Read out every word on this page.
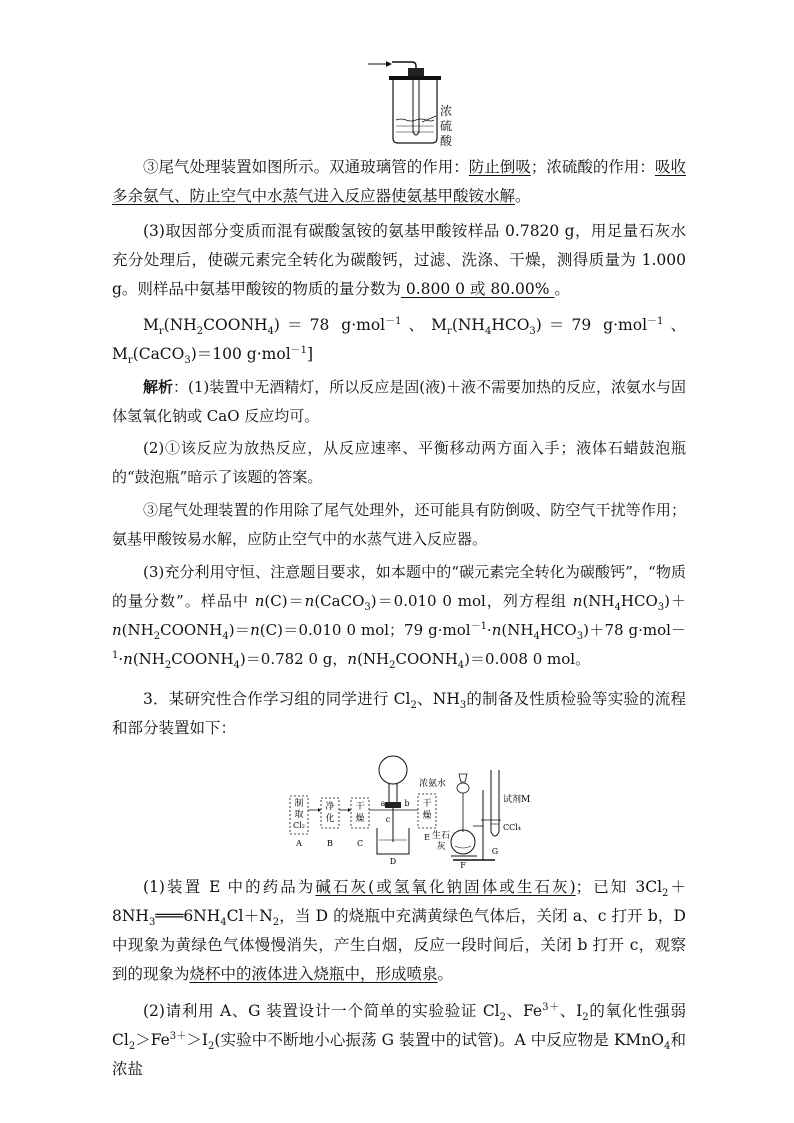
浓硫酸
③尾气处理装置如图所示。双通玻璃管的作用：防止倒吸；浓硫酸的作用：吸收多余氨气、防止空气中水蒸气进入反应器使氨基甲酸铵水解。
(3)取因部分变质而混有碳酸氢铵的氨基甲酸铵样品 0.7820 g，用足量石灰水充分处理后，使碳元素完全转化为碳酸钙，过滤、洗涤、干燥，测得质量为 1.000 g。则样品中氨基甲酸铵的物质的量分数为 0.800 0 或 80.00% 。
$M_r(NH_2COONH_4)=78$ g·mol$^{-1}$、$M_r(NH_4HCO_3)=79$ g·mol$^{-1}$、$M_r(CaCO_3)=100$ g·mol$^{-1}$]
解析：(1)装置中无酒精灯，所以反应是固(液)＋液不需要加热的反应，浓氨水与固体氢氧化钠或 CaO 反应均可。
(2)①该反应为放热反应，从反应速率、平衡移动两方面入手；液体石蜡鼓泡瓶的“鼓泡瓶”暗示了该题的答案。
③尾气处理装置的作用除了尾气处理外，还可能具有防倒吸、防空气干扰等作用；氨基甲酸铵易水解，应防止空气中的水蒸气进入反应器。
(3)充分利用守恒、注意题目要求，如本题中的“碳元素完全转化为碳酸钙”，“物质的量分数”。样品中 n(C)＝n(CaCO$_3$)＝0.010 0 mol，列方程组 $n(NH_4HCO_3)+n(NH_2COONH_4)=n(C)=0.010$ 0 mol；79 $g\cdot mol^{-1}\cdot n(NH_4HCO_3)+78$ $g\cdot mol-^1\cdot n(NH_2COONH_4)=0.782$ 0 g，$n(NH_2COONH_4)=0.008$ 0 mol。
3．某研究性合作学习组的同学进行 $Cl_2$、$NH_3$的制备及性质检验等实验的流程和部分装置如下：
制
取
Cl₂
净
化
干
燥
干
燥
A	B	C
D
E
F
G
a b
c
浓氨水
生石
灰
试剂M
CCl₄
(1)装置 E 中的药品为碱石灰(或氢氧化钠固体或生石灰)；已知 $3Cl_2+8NH_3═══6NH_4Cl+N_2$，当 D 的烧瓶中充满黄绿色气体后，关闭 a、c 打开 b，D 中现象为黄绿色气体慢慢消失，产生白烟，反应一段时间后，关闭 b 打开 c，观察到的现象为烧杯中的液体进入烧瓶中，形成喷泉。
(2)请利用 A、G 装置设计一个简单的实验验证 $Cl_2$、$Fe^{3+}$、$I_2$的氧化性强弱 $Cl_2>Fe^{3+}>I_2$(实验中不断地小心振荡 G 装置中的试管)。A 中反应物是 KMnO$_4$和浓盐
